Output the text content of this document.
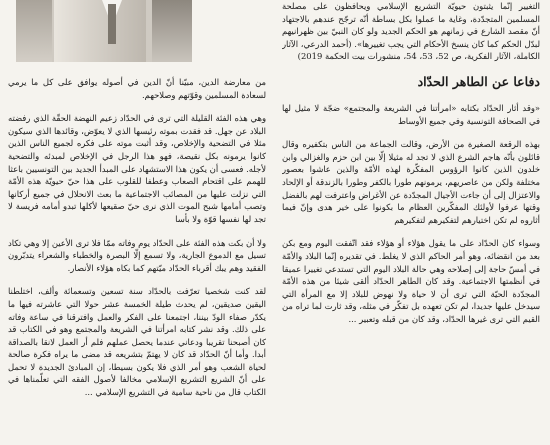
التغيير إنّما يثبتون حيويّة التشريع الإسلامي ويحافظون على مصلحة المسلمين المتجدّدة، وغاية ما عملوا بكل بساطة أنّه ترجّح عندهم بالاجتهاد أنّ مقصد الشارع في زمانهم هو الحكم الجديد ولو كان النبيّ بين ظهرانيهم لبدّل الحكم كما كان ينسخ الأحكام التي يجب تغييرها». (أحمد الدرعي، الآثار الكاملة، الآثار الفكرية، ص 52، 53، 54، منشورات بيت الحكمة 2019)

دفاعا عن الطاهر الحدّاد

«وقد أثار الحدّاد بكتابه «امرأتنا في الشريعة والمجتمع» ضجّة لا مثيل لها في الصحافة التونسية وفي جميع الأوساط

بهذه الرقعة الصغيرة من الأرض، وقالت الجماعة من الناس بتكفيره وقال قائلون بأنّه هاجم الشرع الذي لا تجد له مثيلا إلّا بين ابن حزم والغزالي وابن خلدون الذين كانوا الرؤوس المفكّرة لهذه الأمّة والذين عاشوا بعصور مختلفة ولكن من عاصريهم، يرمونهم طورا بالكفر وطورا بالزندقة أو الإلحاد والاعتزال إلى أن جاءت الأجيال المجدّدة عن الأغراض واعترفت لهم بالفضل وقتها عرفوا لأولئك المفكّرين العظام ما بكونوا على خير هدى وإنّ فيما أثاروه لم تكن اختيارهم لتفكيرهم لتفكيرهم

وسواء كان الحدّاد على ما يقول هؤلاء أو هؤلاء فقد اتّفقت اليوم ومع بكن بعد من انقضائه، وهو أمر الحاكم الذي لا يغلط. في تقديره إنّما البلاد والأمّة في أمسّ حاجة إلى إصلاحه وهي حالة البلاد اليوم التي تستدعي تغييرا عميقا في أنظمتها الاجتماعية. وقد كان الطاهر الحدّاد ألقى شيئا من هذه الأمّة المجدّدة الحيّة التي ترى أن لا حياة ولا نهوض للبلاد إلا مع المرأة التي سيدخل عليها جديدا، لم تكن تعهده بل تفكّر في مثله، وقد ثارت لما تراه من القيم التي ترى غيرها الحدّاد، وقد كان من قبله وتعبير ...

من معارضة الدين، مبيّنا أنّ الدين في أصوله يوافق على كل ما يرمي لسعادة المسلمين وقوّتهم وصلاحهم.

وهي هذه الفئة القليلة التي ترى في الحدّاد زعيم النهضة الحقّة الذي رفضته البلاد عن جهل. قد فقدت بموته رئيسها الذي لا يعوّض، وقائدها الذي سيكون مثلا في التضحية والإخلاص، وقد أثبت موته على فكره لجميع الناس الذين كانوا يرمونه بكل نقيصة، فهو هذا الرجل في الإخلاص لمبدئه والتضحية لأجله. فعسى أن يكون هذا الاستشهاد على المبدأ الجديد بين التونسيين باعثا للهمم على اقتحام الصعاب وعطفا للقلوب على هذا حيّ حيويّة هذه الأمّة التي نزلت عليها من المصائب الاجتماعية ما بعث الانحلال في جميع أركانها وتصب أمامها شبح الموت الذي نرى حيّ صقيعها لأكلها تبدو أمامه فريسة لا تجد لها نفسها قوّة ولا بأسا

ولا أن بكت هذه الفئة على الحدّاد يوم وفاته ممّا فلا ترى الأعين إلا وهي تكاد تسيل مع الدموع الجارية، ولا تسمع إلّا البصرة والخطباء والشعراء يتدبّرون الفقيد وهم يبك أقرباء الحدّاد ميّتهم كما بكاه هؤلاء الأنصار.

لقد كنت شخصيا تعرّفت بالحدّاد سنة تسعين وتسعمائة وألف، اختلطنا اليقين صديقين، لم يحدث طيلة الخمسة عشر حولا التي عاشرته فيها ما يكدّر صفاء الودّ بيننا، اجتمعنا على الفكر والعمل وافترقنا في ساعة وفاته على ذلك. وقد نشر كتابه امرأتنا في الشريعة والمجتمع وهو في الكتاب قد كان أصبحنا تقريبا ودعاني عندما يحصل عملهم فلم أر العمل لانقا بالصداقة أبدا. وأما أنّ الحدّاد قد كان لا يهتمّ بتشريعه قد مضى ما يراه فكرة صالحة لحياة الشعب وهو أمر الذي فلا يكون بسيطا، إن المبادئ الجديدة لا تحمل على أنّ الشريع التشريع الإسلامي مخالفا لأصول الفقه التي تعلّمناها في الكتاب قال من ناحية سامية في التشريع الإسلامي ...
